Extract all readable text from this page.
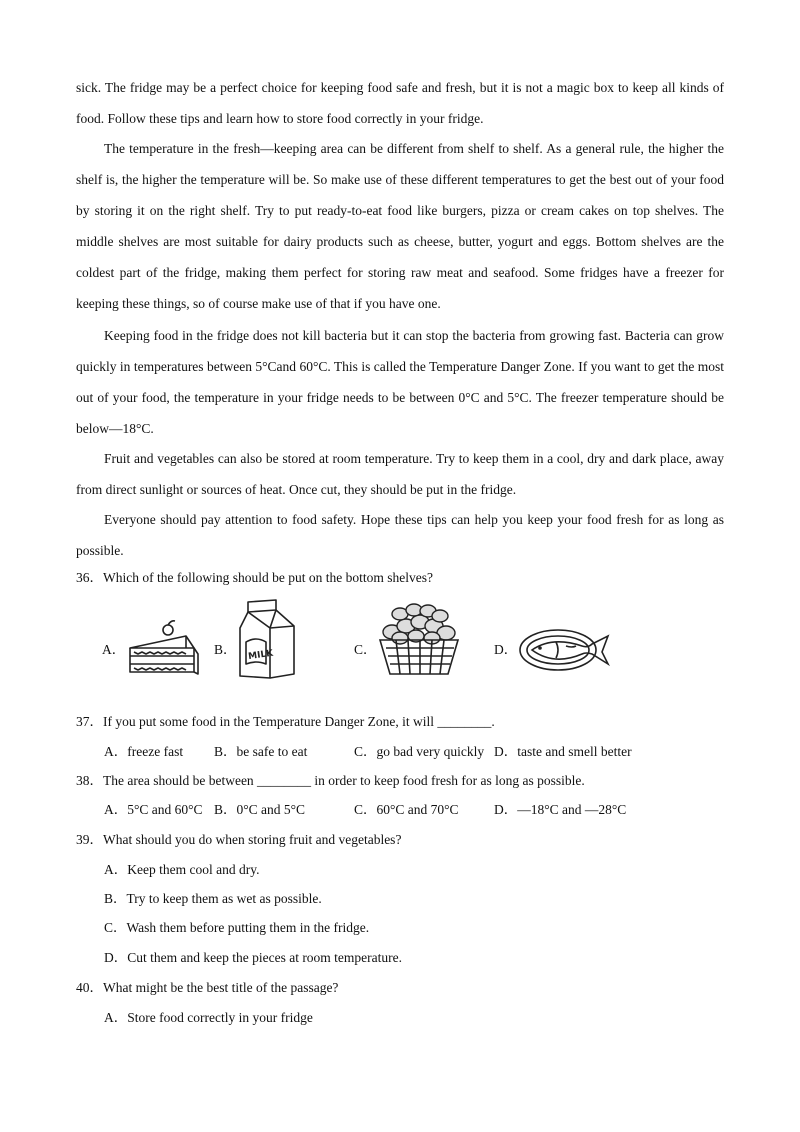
sick. The fridge may be a perfect choice for keeping food safe and fresh, but it is not a magic box to keep all kinds of food. Follow these tips and learn how to store food correctly in your fridge.

The temperature in the fresh—keeping area can be different from shelf to shelf. As a general rule, the higher the shelf is, the higher the temperature will be. So make use of these different temperatures to get the best out of your food by storing it on the right shelf. Try to put ready-to-eat food like burgers, pizza or cream cakes on top shelves. The middle shelves are most suitable for dairy products such as cheese, butter, yogurt and eggs. Bottom shelves are the coldest part of the fridge, making them perfect for storing raw meat and seafood. Some fridges have a freezer for keeping these things, so of course make use of that if you have one.

Keeping food in the fridge does not kill bacteria but it can stop the bacteria from growing fast. Bacteria can grow quickly in temperatures between 5°Cand 60°C. This is called the Temperature Danger Zone. If you want to get the most out of your food, the temperature in your fridge needs to be between 0°C and 5°C. The freezer temperature should be below—18°C.

Fruit and vegetables can also be stored at room temperature. Try to keep them in a cool, dry and dark place, away from direct sunlight or sources of heat. Once cut, they should be put in the fridge.

Everyone should pay attention to food safety. Hope these tips can help you keep your food fresh for as long as possible.

36．Which of the following should be put on the bottom shelves?
A．	B． MILK	C．	D．
37．If you put some food in the Temperature Danger Zone, it will ________.
A．freeze fast B．be safe to eat	C．go bad very quickly D．taste and smell better
38．The area should be between ________ in order to keep food fresh for as long as possible.
A．5°C and 60°C B．0°C and 5°C	C．60°C and 70°C	D．—18°C and —28°C
39．What should you do when storing fruit and vegetables?
A．Keep them cool and dry.
B．Try to keep them as wet as possible.
C．Wash them before putting them in the fridge.
D．Cut them and keep the pieces at room temperature.
40．What might be the best title of the passage?
A．Store food correctly in your fridge
